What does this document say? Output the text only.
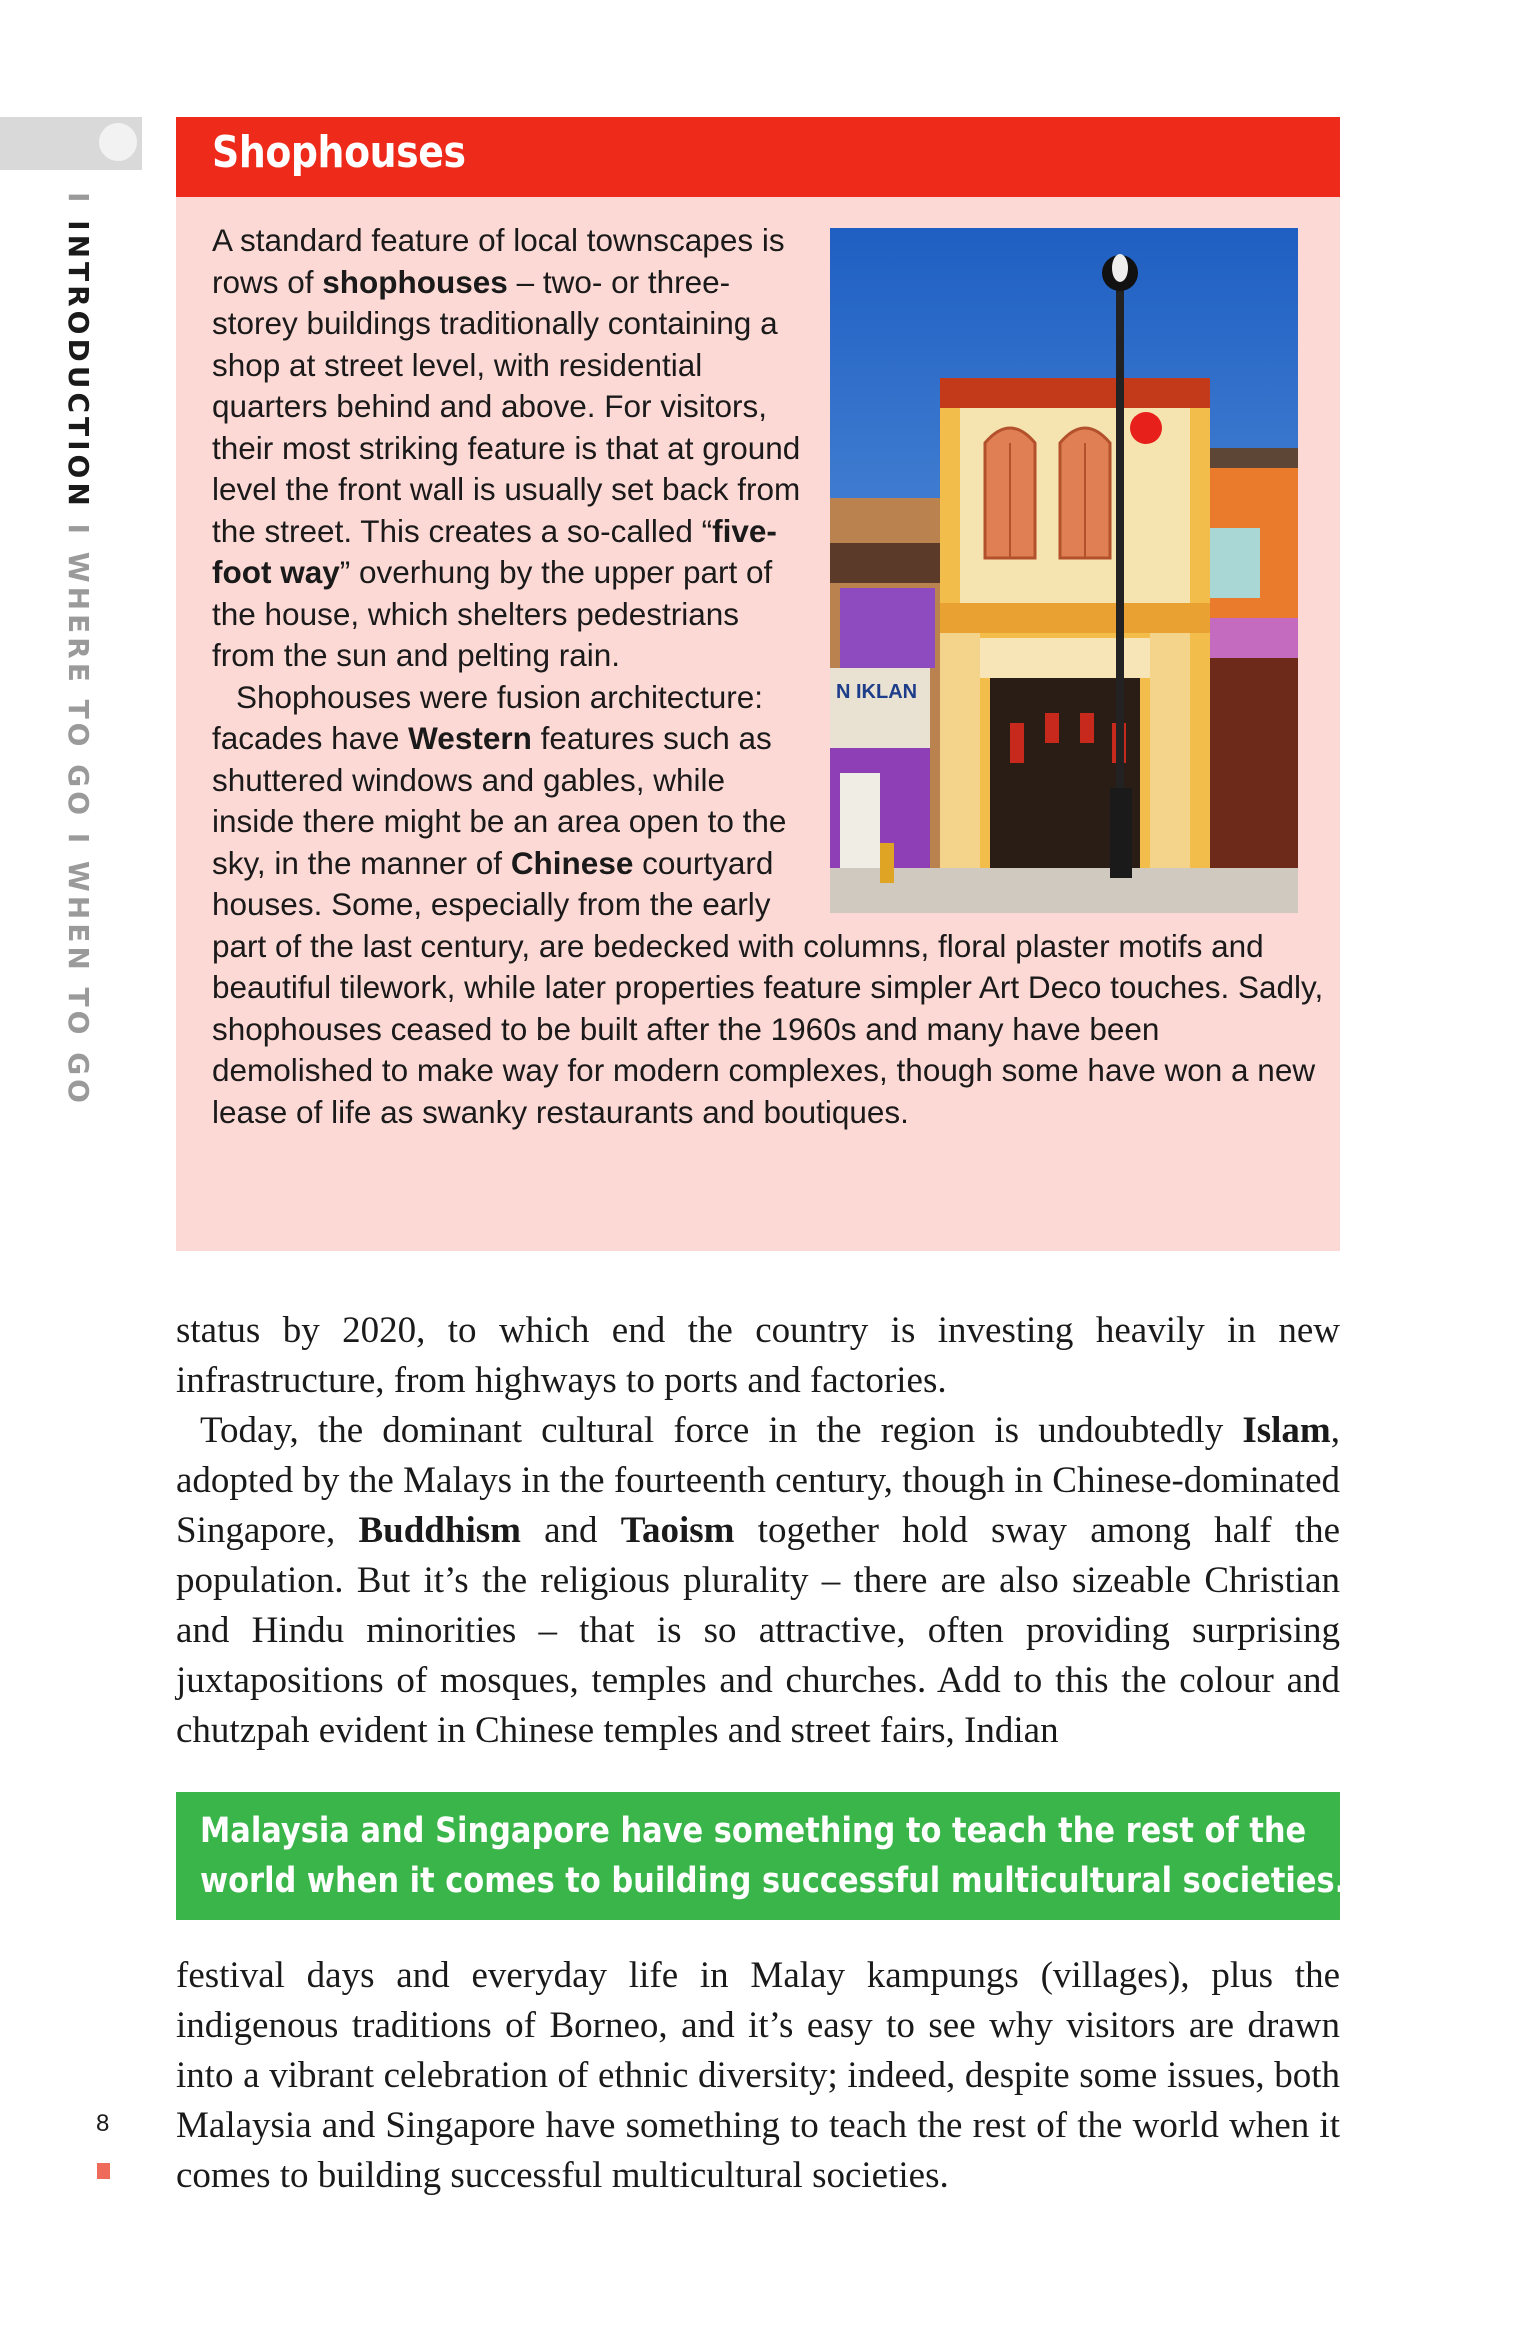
I INTRODUCTION I WHERE TO GO I WHEN TO GO
Shophouses
N IKLAN

A standard feature of local townscapes is rows of shophouses – two- or three-storey buildings traditionally containing a shop at street level, with residential quarters behind and above. For visitors, their most striking feature is that at ground level the front wall is usually set back from the street. This creates a so-called “five-foot way” overhung by the upper part of the house, which shelters pedestrians from the sun and pelting rain.

Shophouses were fusion architecture: facades have Western features such as shuttered windows and gables, while inside there might be an area open to the sky, in the manner of Chinese courtyard houses. Some, especially from the early part of the last century, are bedecked with columns, floral plaster motifs and beautiful tilework, while later properties feature simpler Art Deco touches. Sadly, shophouses ceased to be built after the 1960s and many have been demolished to make way for modern complexes, though some have won a new lease of life as swanky restaurants and boutiques.

status by 2020, to which end the country is investing heavily in new infrastructure, from highways to ports and factories.

Today, the dominant cultural force in the region is undoubtedly Islam, adopted by the Malays in the fourteenth century, though in Chinese-dominated Singapore, Buddhism and Taoism together hold sway among half the population. But it’s the religious plurality – there are also sizeable Christian and Hindu minorities – that is so attractive, often providing surprising juxtapositions of mosques, temples and churches. Add to this the colour and chutzpah evident in Chinese temples and street fairs, Indian

Malaysia and Singapore have something to teach the rest of the
world when it comes to building successful multicultural societies.

festival days and everyday life in Malay kampungs (villages), plus the indigenous traditions of Borneo, and it’s easy to see why visitors are drawn into a vibrant celebration of ethnic diversity; indeed, despite some issues, both Malaysia and Singapore have something to teach the rest of the world when it comes to building successful multicultural societies.

8
